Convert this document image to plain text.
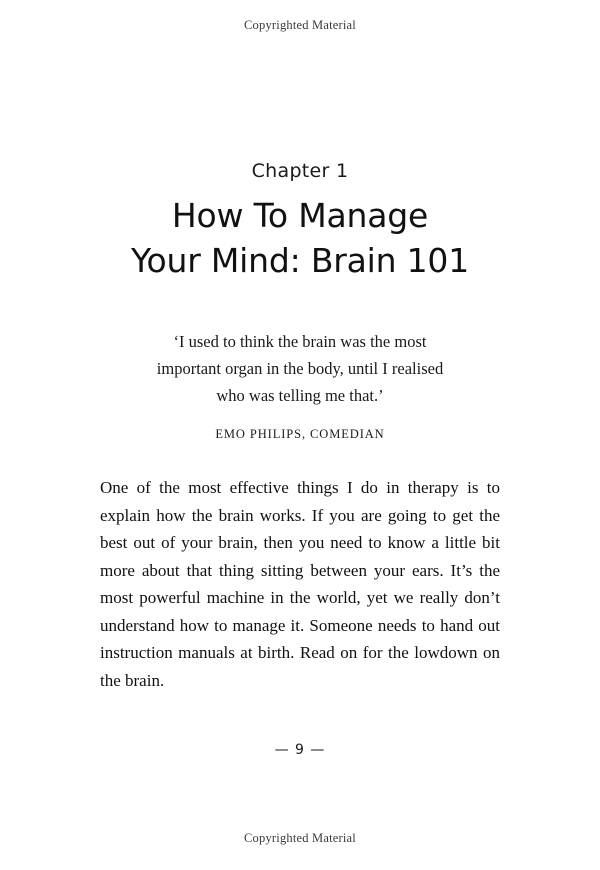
Copyrighted Material
Chapter 1
How To Manage
Your Mind: Brain 101
‘I used to think the brain was the most
important organ in the body, until I realised
who was telling me that.’
EMO PHILIPS, COMEDIAN

One of the most effective things I do in therapy is to explain how the brain works. If you are going to get the best out of your brain, then you need to know a little bit more about that thing sitting between your ears. It’s the most powerful machine in the world, yet we really don’t understand how to manage it. Someone needs to hand out instruction manuals at birth. Read on for the lowdown on the brain.

— 9 —
Copyrighted Material
